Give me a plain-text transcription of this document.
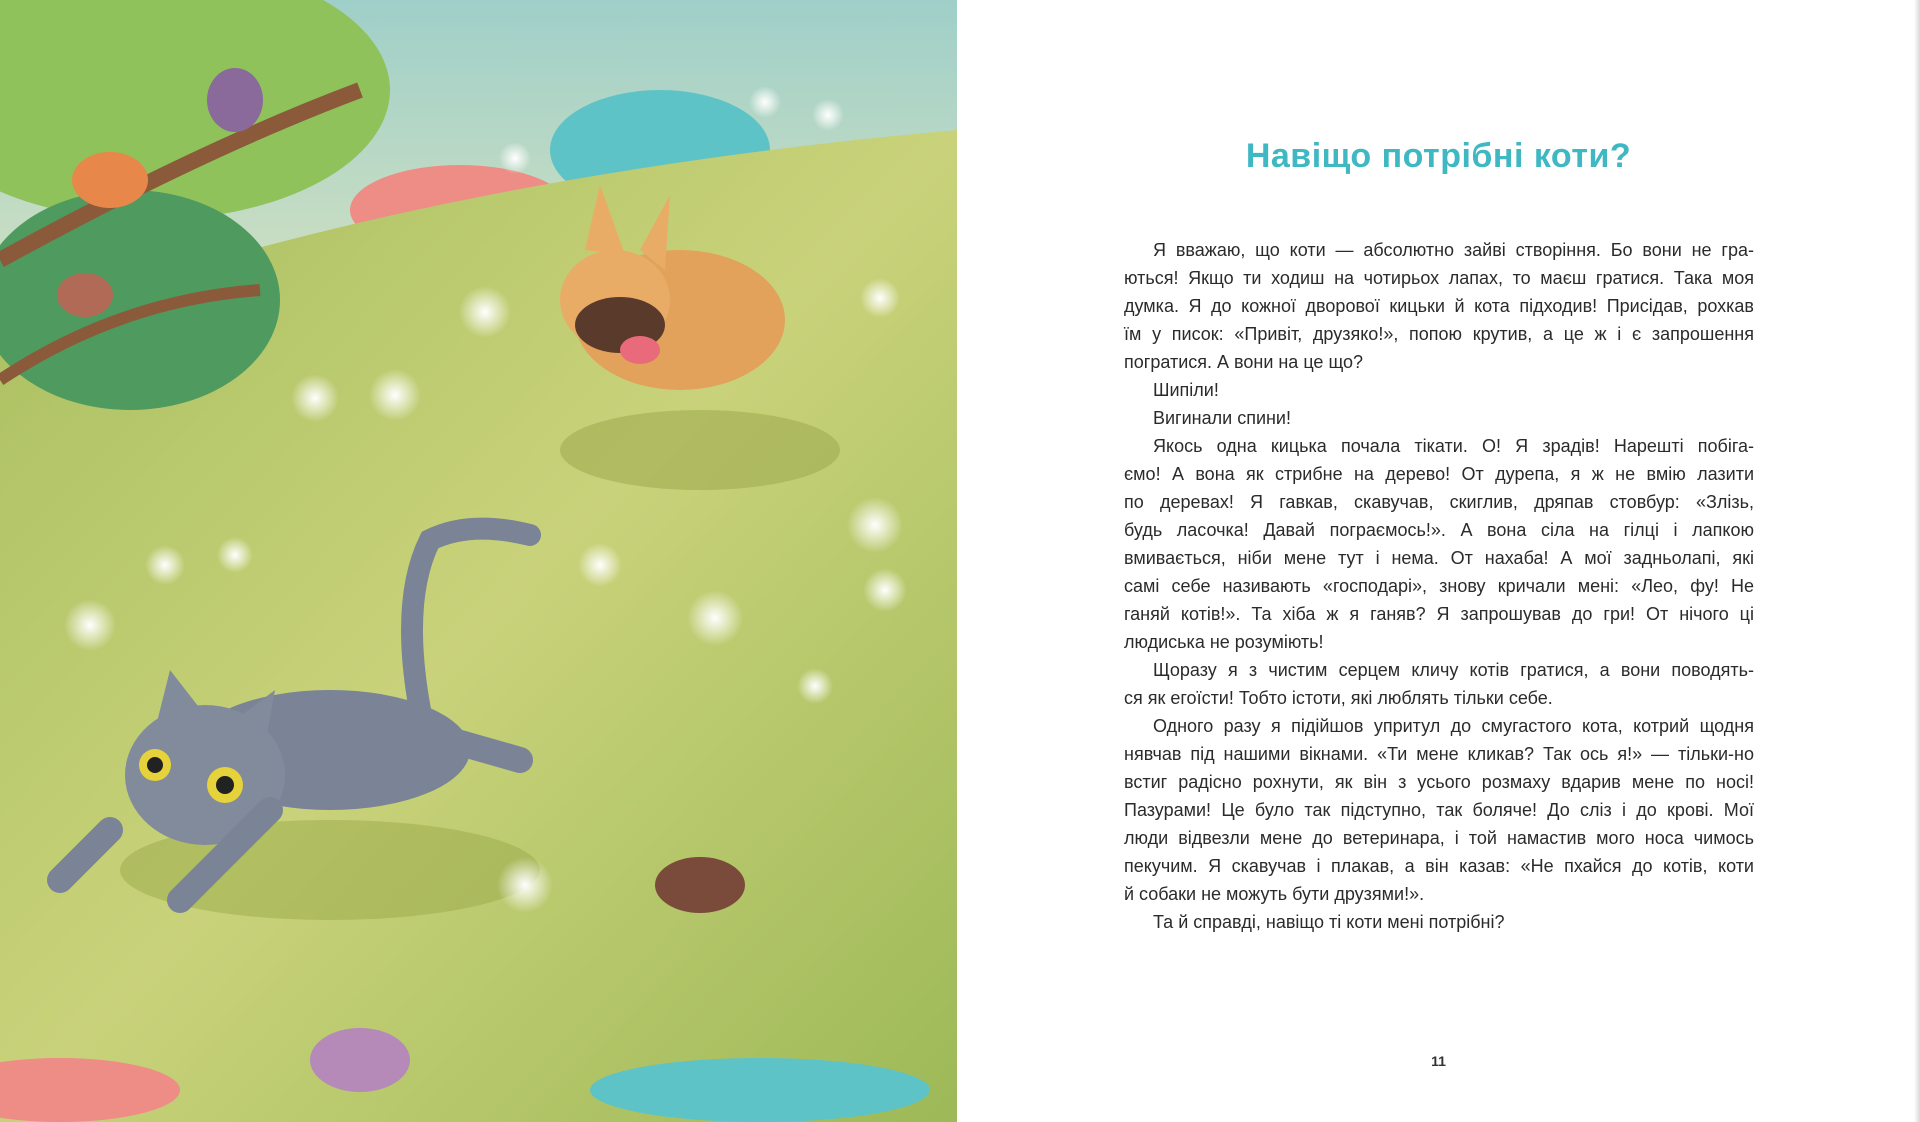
Навіщо потрібні коти?
Я вважаю, що коти — абсолютно зайві створіння. Бо вони не гра-
ються! Якщо ти ходиш на чотирьох лапах, то маєш гратися. Така моя
думка. Я до кожної дворової кицьки й кота підходив! Присідав, рохкав
їм у писок: «Привіт, друзяко!», попою крутив, а це ж і є запрошення
погратися. А вони на це що?
Шипіли!
Вигинали спини!
Якось одна кицька почала тікати. О! Я зрадів! Нарешті побіга-
ємо! А вона як стрибне на дерево! От дурепа, я ж не вмію лазити
по деревах! Я гавкав, скавучав, скиглив, дряпав стовбур: «Злізь,
будь ласочка! Давай пограємось!». А вона сіла на гілці і лапкою
вмивається, ніби мене тут і нема. От нахаба! А мої задньолапі, які
самі себе називають «господарі», знову кричали мені: «Лео, фу! Не
ганяй котів!». Та хіба ж я ганяв? Я запрошував до гри! От нічого ці
людиська не розуміють!
Щоразу я з чистим серцем кличу котів гратися, а вони поводять-
ся як егоїсти! Тобто істоти, які люблять тільки себе.
Одного разу я підійшов упритул до смугастого кота, котрий щодня
нявчав під нашими вікнами. «Ти мене кликав? Так ось я!» — тільки-но
встиг радісно рохнути, як він з усього розмаху вдарив мене по носі!
Пазурами! Це було так підступно, так боляче! До сліз і до крові. Мої
люди відвезли мене до ветеринара, і той намастив мого носа чимось
пекучим. Я скавучав і плакав, а він казав: «Не пхайся до котів, коти
й собаки не можуть бути друзями!».
Та й справді, навіщо ті коти мені потрібні?
11
